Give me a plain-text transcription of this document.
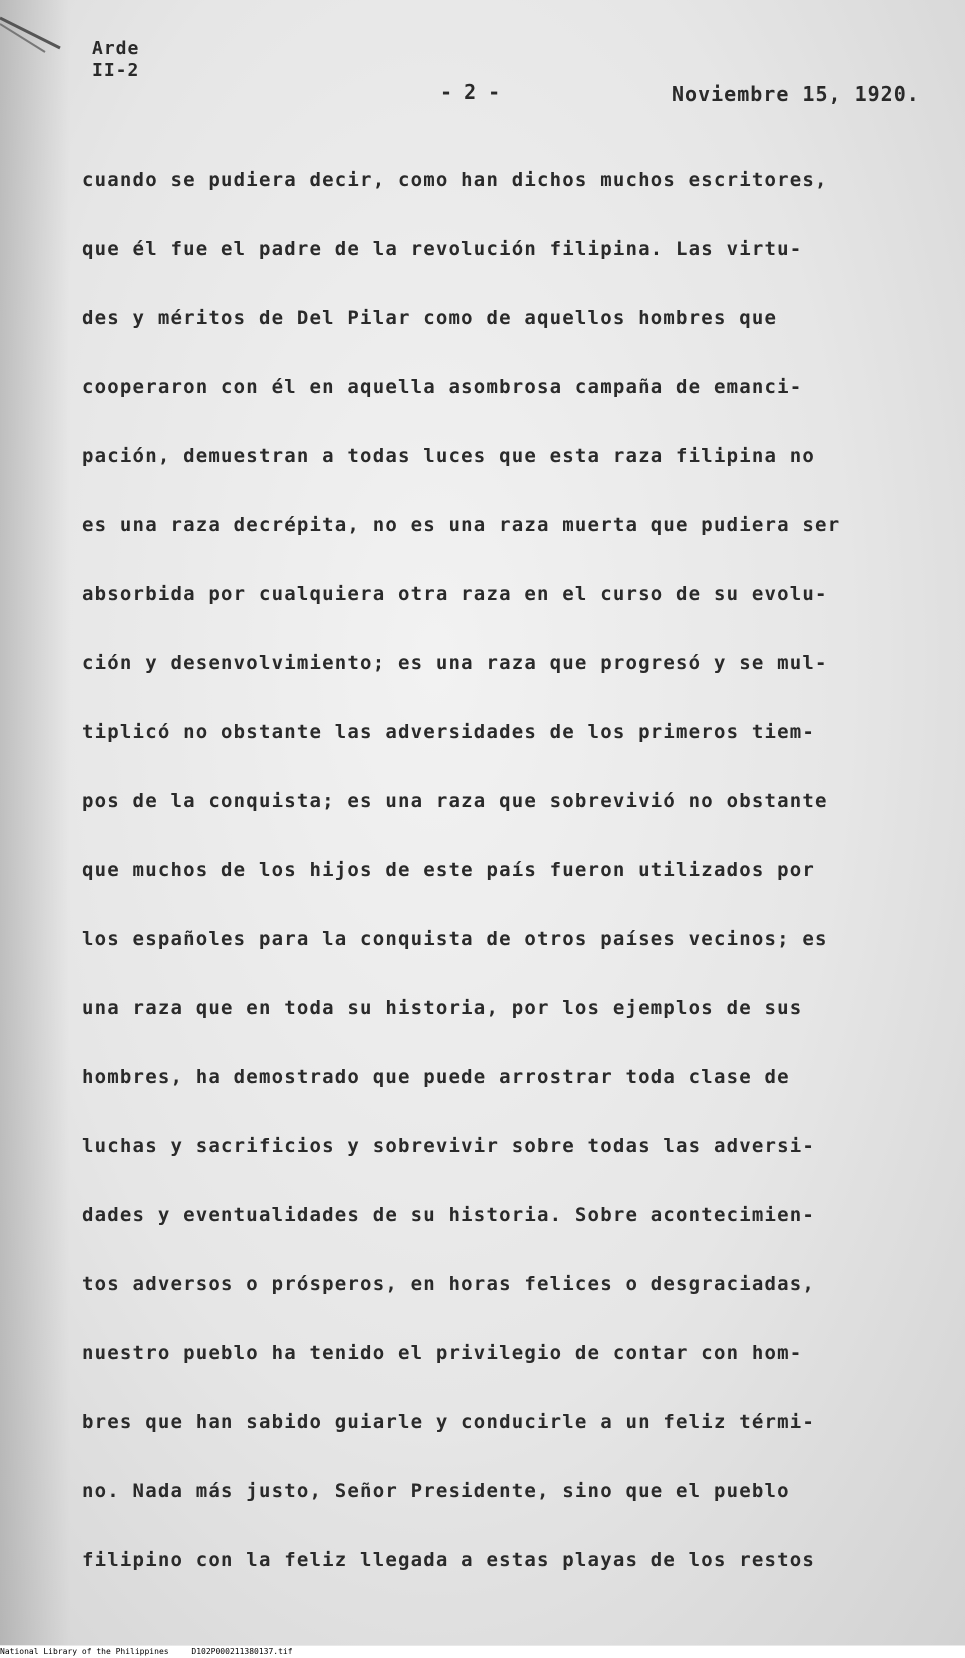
Arde
II-2
- 2 -	Noviembre 15, 1920.
cuando se pudiera decir, como han dichos muchos escritores,
que él fue el padre de la revolución filipina. Las virtu-
des y méritos de Del Pilar como de aquellos hombres que
cooperaron con él en aquella asombrosa campaña de emanci-
pación, demuestran a todas luces que esta raza filipina no
es una raza decrépita, no es una raza muerta que pudiera ser
absorbida por cualquiera otra raza en el curso de su evolu-
ción y desenvolvimiento; es una raza que progresó y se mul-
tiplicó no obstante las adversidades de los primeros tiem-
pos de la conquista; es una raza que sobrevivió no obstante
que muchos de los hijos de este país fueron utilizados por
los españoles para la conquista de otros países vecinos; es
una raza que en toda su historia, por los ejemplos de sus
hombres, ha demostrado que puede arrostrar toda clase de
luchas y sacrificios y sobrevivir sobre todas las adversi-
dades y eventualidades de su historia. Sobre acontecimien-
tos adversos o prósperos, en horas felices o desgraciadas,
nuestro pueblo ha tenido el privilegio de contar con hom-
bres que han sabido guiarle y conducirle a un feliz térmi-
no. Nada más justo, Señor Presidente, sino que el pueblo
filipino con la feliz llegada a estas playas de los restos
National Library of the Philippines	D102P000211380137.tif
